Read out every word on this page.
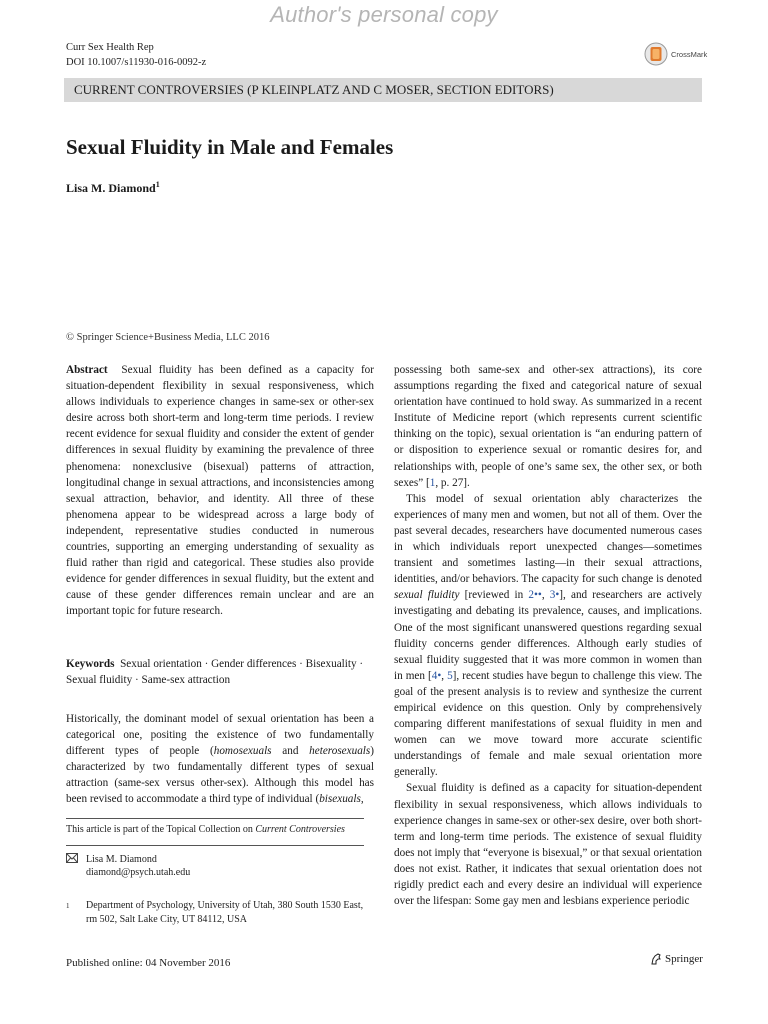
Author's personal copy
Curr Sex Health Rep
DOI 10.1007/s11930-016-0092-z
CrossMark
CURRENT CONTROVERSIES (P KLEINPLATZ AND C MOSER, SECTION EDITORS)
Sexual Fluidity in Male and Females
Lisa M. Diamond$^1$
© Springer Science+Business Media, LLC 2016

Abstract Sexual fluidity has been defined as a capacity for situation-dependent flexibility in sexual responsiveness, which allows individuals to experience changes in same-sex or other-sex desire across both short-term and long-term time periods. I review recent evidence for sexual fluidity and consider the extent of gender differences in sexual fluidity by examining the prevalence of three phenomena: nonexclusive (bisexual) patterns of attraction, longitudinal change in sexual attractions, and inconsistencies among sexual attraction, behavior, and identity. All three of these phenomena appear to be widespread across a large body of independent, representative studies conducted in numerous countries, supporting an emerging understanding of sexuality as fluid rather than rigid and categorical. These studies also provide evidence for gender differences in sexual fluidity, but the extent and cause of these gender differences remain unclear and are an important topic for future research.

Keywords Sexual orientation · Gender differences · Bisexuality · Sexual fluidity · Same-sex attraction

Historically, the dominant model of sexual orientation has been a categorical one, positing the existence of two fundamentally different types of people (homosexuals and heterosexuals) characterized by two fundamentally different types of sexual attraction (same-sex versus other-sex). Although this model has been revised to accommodate a third type of individual (bisexuals,

This article is part of the Topical Collection on Current Controversies
Lisa M. Diamond
diamond@psych.utah.edu
1 Department of Psychology, University of Utah, 380 South 1530 East, rm 502, Salt Lake City, UT 84112, USA

possessing both same-sex and other-sex attractions), its core assumptions regarding the fixed and categorical nature of sexual orientation have continued to hold sway. As summarized in a recent Institute of Medicine report (which represents current scientific thinking on the topic), sexual orientation is “an enduring pattern of or disposition to experience sexual or romantic desires for, and relationships with, people of one’s same sex, the other sex, or both sexes” [1, p. 27].

This model of sexual orientation ably characterizes the experiences of many men and women, but not all of them. Over the past several decades, researchers have documented numerous cases in which individuals report unexpected changes—sometimes transient and sometimes lasting—in their sexual attractions, identities, and/or behaviors. The capacity for such change is denoted sexual fluidity [reviewed in 2••, 3•], and researchers are actively investigating and debating its prevalence, causes, and implications. One of the most significant unanswered questions regarding sexual fluidity concerns gender differences. Although early studies of sexual fluidity suggested that it was more common in women than in men [4•, 5], recent studies have begun to challenge this view. The goal of the present analysis is to review and synthesize the current empirical evidence on this question. Only by comprehensively comparing different manifestations of sexual fluidity in men and women can we move toward more accurate scientific understandings of female and male sexual orientation more generally.

Sexual fluidity is defined as a capacity for situation-dependent flexibility in sexual responsiveness, which allows individuals to experience changes in same-sex or other-sex desire, over both short-term and long-term time periods. The existence of sexual fluidity does not imply that “everyone is bisexual,” or that sexual orientation does not exist. Rather, it indicates that sexual orientation does not rigidly predict each and every desire an individual will experience over the lifespan: Some gay men and lesbians experience periodic

Published online: 04 November 2016	Springer
